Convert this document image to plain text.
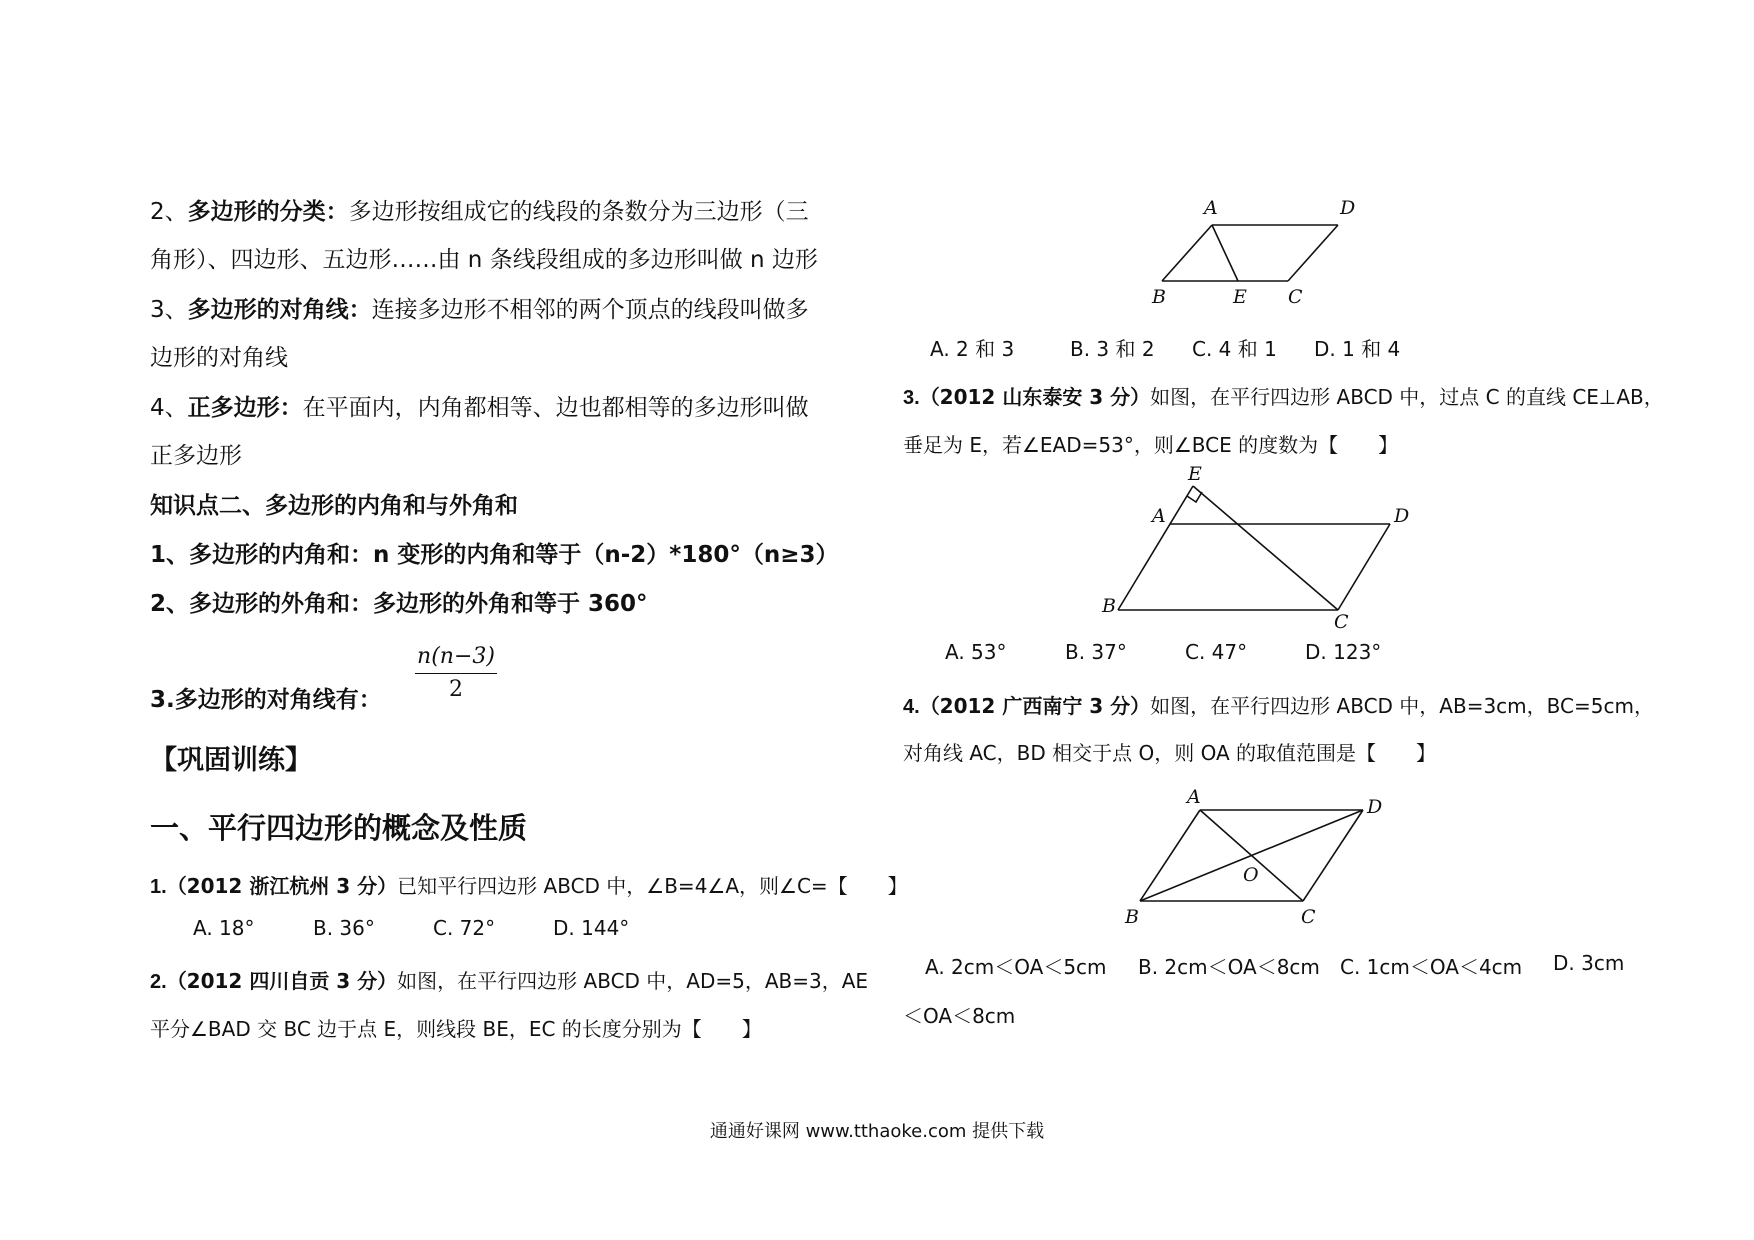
2、多边形的分类：多边形按组成它的线段的条数分为三边形（三
角形）、四边形、五边形……由 n 条线段组成的多边形叫做 n 边形
3、多边形的对角线：连接多边形不相邻的两个顶点的线段叫做多
边形的对角线
4、正多边形：在平面内，内角都相等、边也都相等的多边形叫做
正多边形
知识点二、多边形的内角和与外角和
1、多边形的内角和：n 变形的内角和等于（n-2）*180°（n≥3）
2、多边形的外角和：多边形的外角和等于 360°
3.多边形的对角线有：
n(n−3)
2
【巩固训练】
一、平行四边形的概念及性质
1.（2012 浙江杭州 3 分）已知平行四边形 ABCD 中，∠B=4∠A，则∠C=【　　】
A. 18°	B. 36°	C. 72°	D. 144°
2.（2012 四川自贡 3 分）如图，在平行四边形 ABCD 中，AD=5，AB=3，AE
平分∠BAD 交 BC 边于点 E，则线段 BE，EC 的长度分别为【　　】
A	D
B	E C
A. 2 和 3	B. 3 和 2 C. 4 和 1 D. 1 和 4
3.（2012 山东泰安 3 分）如图，在平行四边形 ABCD 中，过点 C 的直线 CE⊥AB，
垂足为 E，若∠EAD=53°，则∠BCE 的度数为【　　】
E
A	D
B
C
A. 53°	B. 37°	C. 47°	D. 123°
4.（2012 广西南宁 3 分）如图，在平行四边形 ABCD 中，AB=3cm，BC=5cm，
对角线 AC，BD 相交于点 O，则 OA 的取值范围是【　　】
A	D
O
B	C
A. 2cm＜OA＜5cm B. 2cm＜OA＜8cm C. 1cm＜OA＜4cm D. 3cm
＜OA＜8cm
通通好课网 www.tthaoke.com 提供下载
